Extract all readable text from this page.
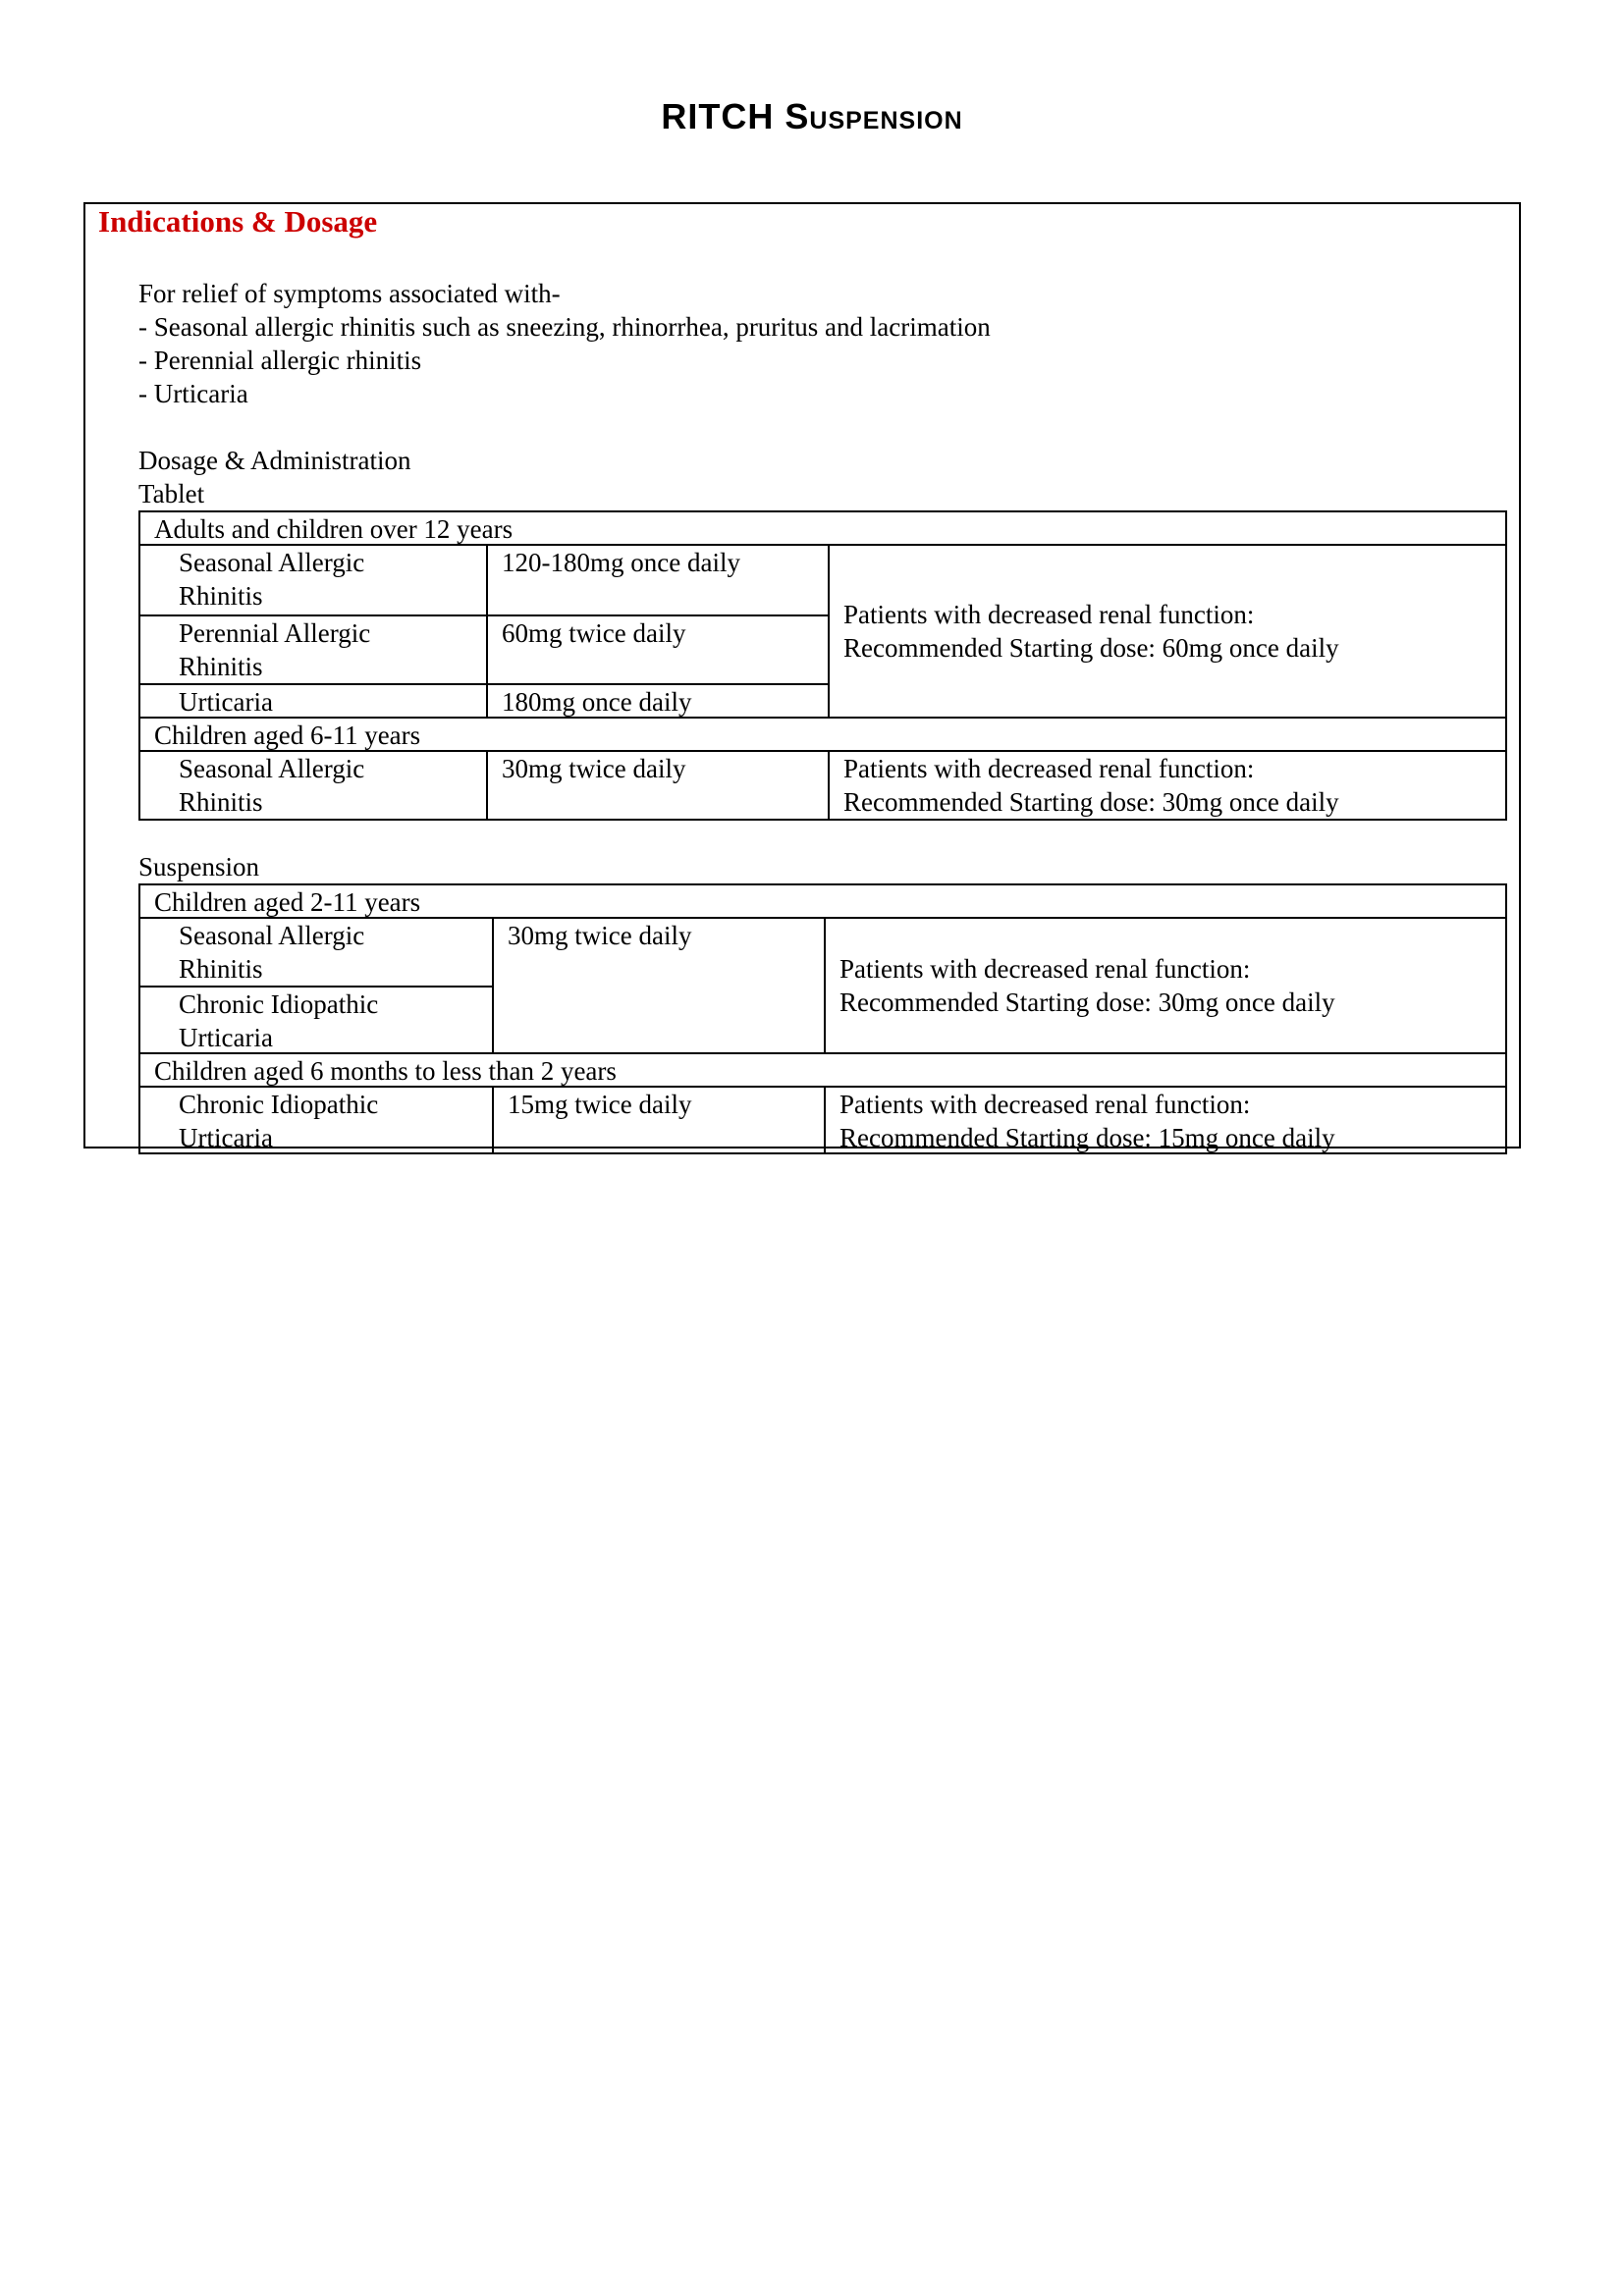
RITCH Suspension
Indications & Dosage
For relief of symptoms associated with-
- Seasonal allergic rhinitis such as sneezing, rhinorrhea, pruritus and lacrimation
- Perennial allergic rhinitis
- Urticaria
Dosage & Administration
Tablet
Adults and children over 12 years
Seasonal Allergic
Rhinitis
Perennial Allergic
Rhinitis
Urticaria
120-180mg once daily
60mg twice daily
180mg once daily
Patients with decreased renal function:
Recommended Starting dose: 60mg once daily
Children aged 6-11 years
Seasonal Allergic
Rhinitis
30mg twice daily	Patients with decreased renal function:
Recommended Starting dose: 30mg once daily
Suspension
Children aged 2-11 years
Seasonal Allergic
Rhinitis
Chronic Idiopathic
Urticaria
30mg twice daily
Patients with decreased renal function:
Recommended Starting dose: 30mg once daily
Children aged 6 months to less than 2 years
Chronic Idiopathic
Urticaria
15mg twice daily	Patients with decreased renal function:
Recommended Starting dose: 15mg once daily
